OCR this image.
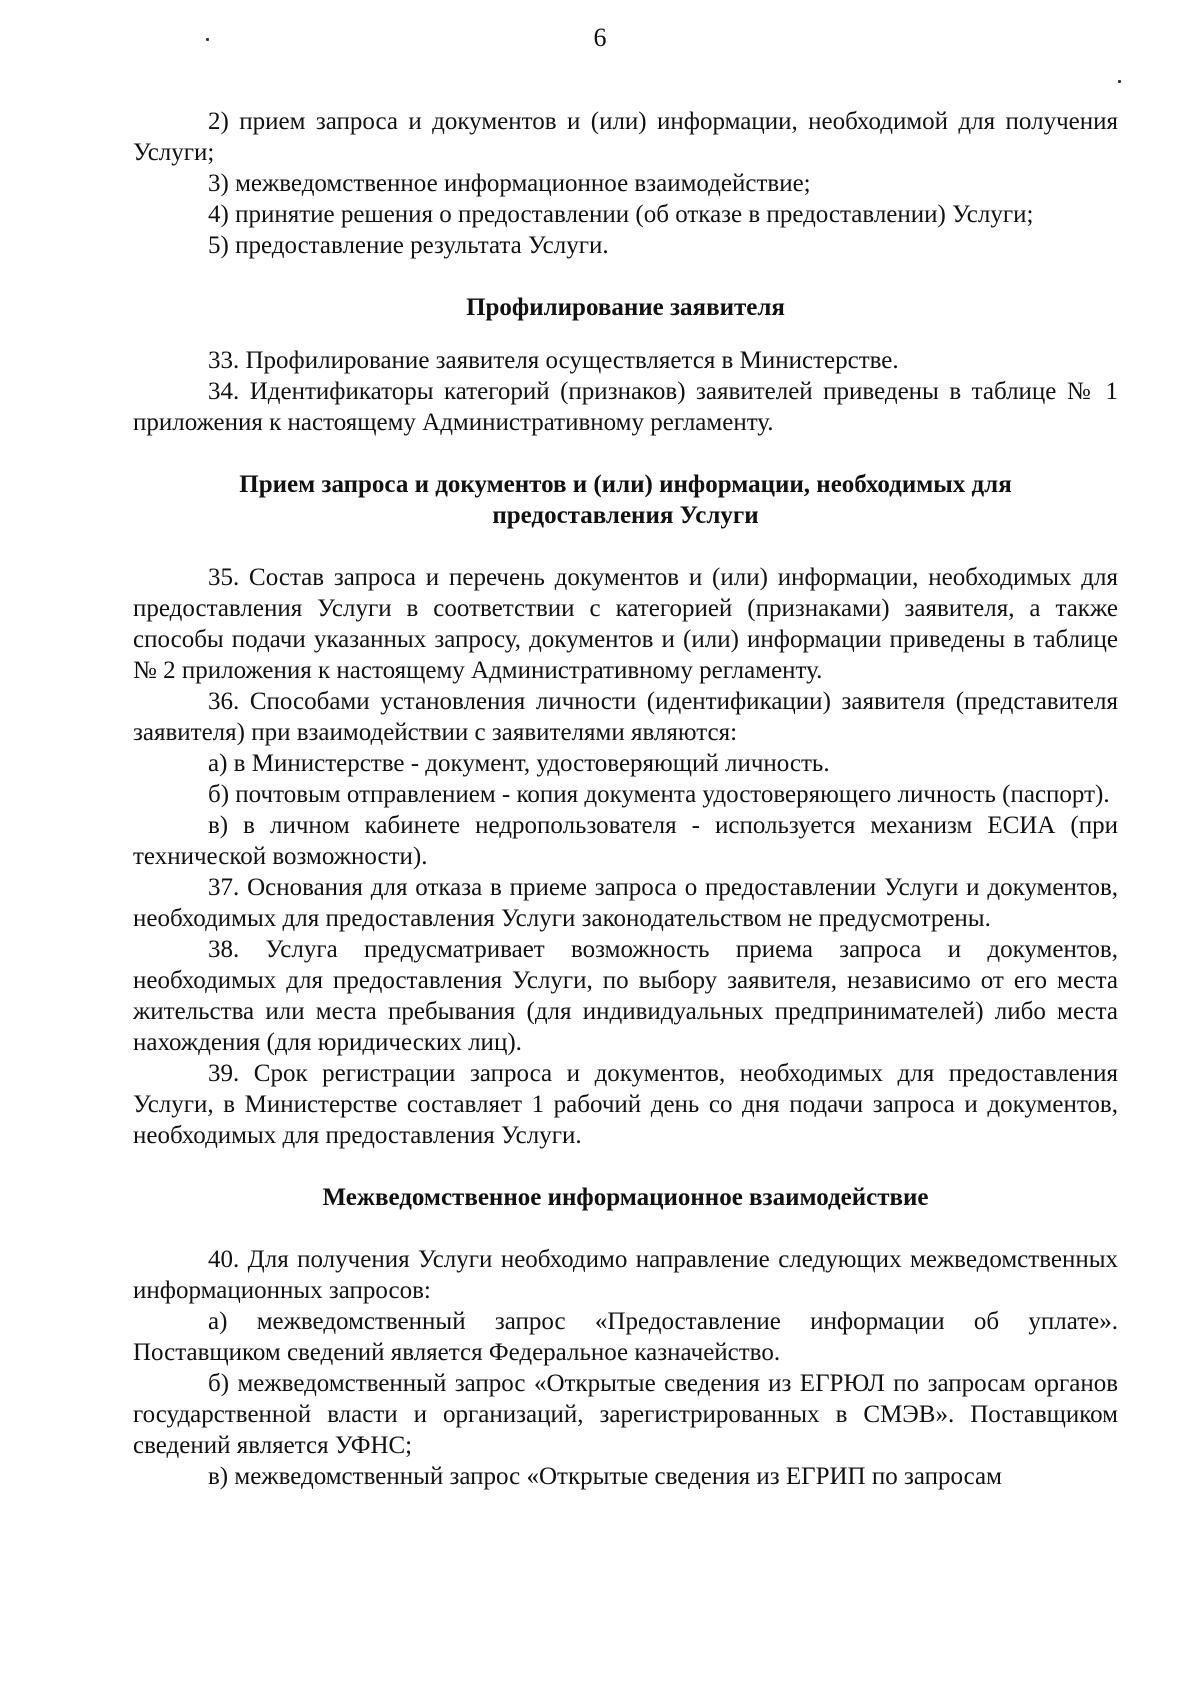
6

2) прием запроса и документов и (или) информации, необходимой для получения Услуги;

3) межведомственное информационное взаимодействие;

4) принятие решения о предоставлении (об отказе в предоставлении) Услуги;

5) предоставление результата Услуги.

Профилирование заявителя

33. Профилирование заявителя осуществляется в Министерстве.

34. Идентификаторы категорий (признаков) заявителей приведены в таблице № 1 приложения к настоящему Административному регламенту.

Прием запроса и документов и (или) информации, необходимых для
предоставления Услуги

35. Состав запроса и перечень документов и (или) информации, необходимых для предоставления Услуги в соответствии с категорией (признаками) заявителя, а также способы подачи указанных запросу, документов и (или) информации приведены в таблице № 2 приложения к настоящему Административному регламенту.

36. Способами установления личности (идентификации) заявителя (представителя заявителя) при взаимодействии с заявителями являются:

а) в Министерстве - документ, удостоверяющий личность.

б) почтовым отправлением - копия документа удостоверяющего личность (паспорт).

в) в личном кабинете недропользователя - используется механизм ЕСИА (при технической возможности).

37. Основания для отказа в приеме запроса о предоставлении Услуги и документов, необходимых для предоставления Услуги законодательством не предусмотрены.

38. Услуга предусматривает возможность приема запроса и документов, необходимых для предоставления Услуги, по выбору заявителя, независимо от его места жительства или места пребывания (для индивидуальных предпринимателей) либо места нахождения (для юридических лиц).

39. Срок регистрации запроса и документов, необходимых для предоставления Услуги, в Министерстве составляет 1 рабочий день со дня подачи запроса и документов, необходимых для предоставления Услуги.

Межведомственное информационное взаимодействие

40. Для получения Услуги необходимо направление следующих межведомственных информационных запросов:

а) межведомственный запрос «Предоставление информации об уплате». Поставщиком сведений является Федеральное казначейство.

б) межведомственный запрос «Открытые сведения из ЕГРЮЛ по запросам органов государственной власти и организаций, зарегистрированных в СМЭВ». Поставщиком сведений является УФНС;

в) межведомственный запрос «Открытые сведения из ЕГРИП по запросам
